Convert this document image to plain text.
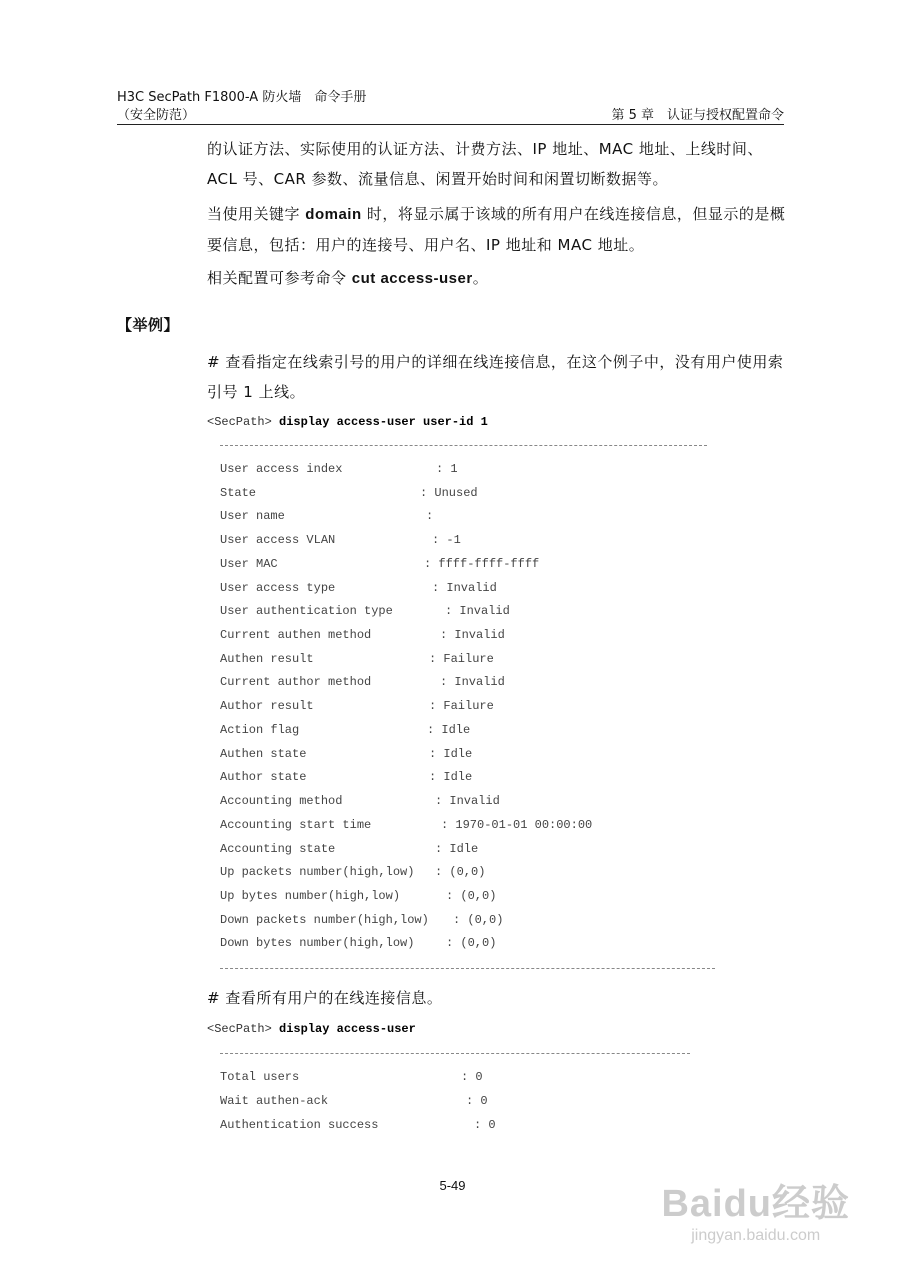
H3C SecPath F1800-A 防火墙　命令手册
（安全防范）	第 5 章　认证与授权配置命令
的认证方法、实际使用的认证方法、计费方法、IP 地址、MAC 地址、上线时间、ACL 号、CAR 参数、流量信息、闲置开始时间和闲置切断数据等。
当使用关键字 domain 时，将显示属于该域的所有用户在线连接信息，但显示的是概要信息，包括：用户的连接号、用户名、IP 地址和 MAC 地址。
相关配置可参考命令 cut access-user。
【举例】
# 查看指定在线索引号的用户的详细在线连接信息，在这个例子中，没有用户使用索引号 1 上线。
<SecPath> display access-user user-id 1
User access index	: 1
State	: Unused
User name	:
User access VLAN	: -1
User MAC	: ffff-ffff-ffff
User access type	: Invalid
User authentication type	: Invalid
Current authen method	: Invalid
Authen result	: Failure
Current author method	: Invalid
Author result	: Failure
Action flag	: Idle
Authen state	: Idle
Author state	: Idle
Accounting method	: Invalid
Accounting start time	: 1970-01-01 00:00:00
Accounting state	: Idle
Up packets number(high,low) : (0,0)
Up bytes number(high,low)	: (0,0)
Down packets number(high,low) : (0,0)
Down bytes number(high,low)	: (0,0)
# 查看所有用户的在线连接信息。
<SecPath> display access-user
Total users	: 0
Wait authen-ack	: 0
Authentication success	: 0
5-49	Baidu经验
jingyan.baidu.com
